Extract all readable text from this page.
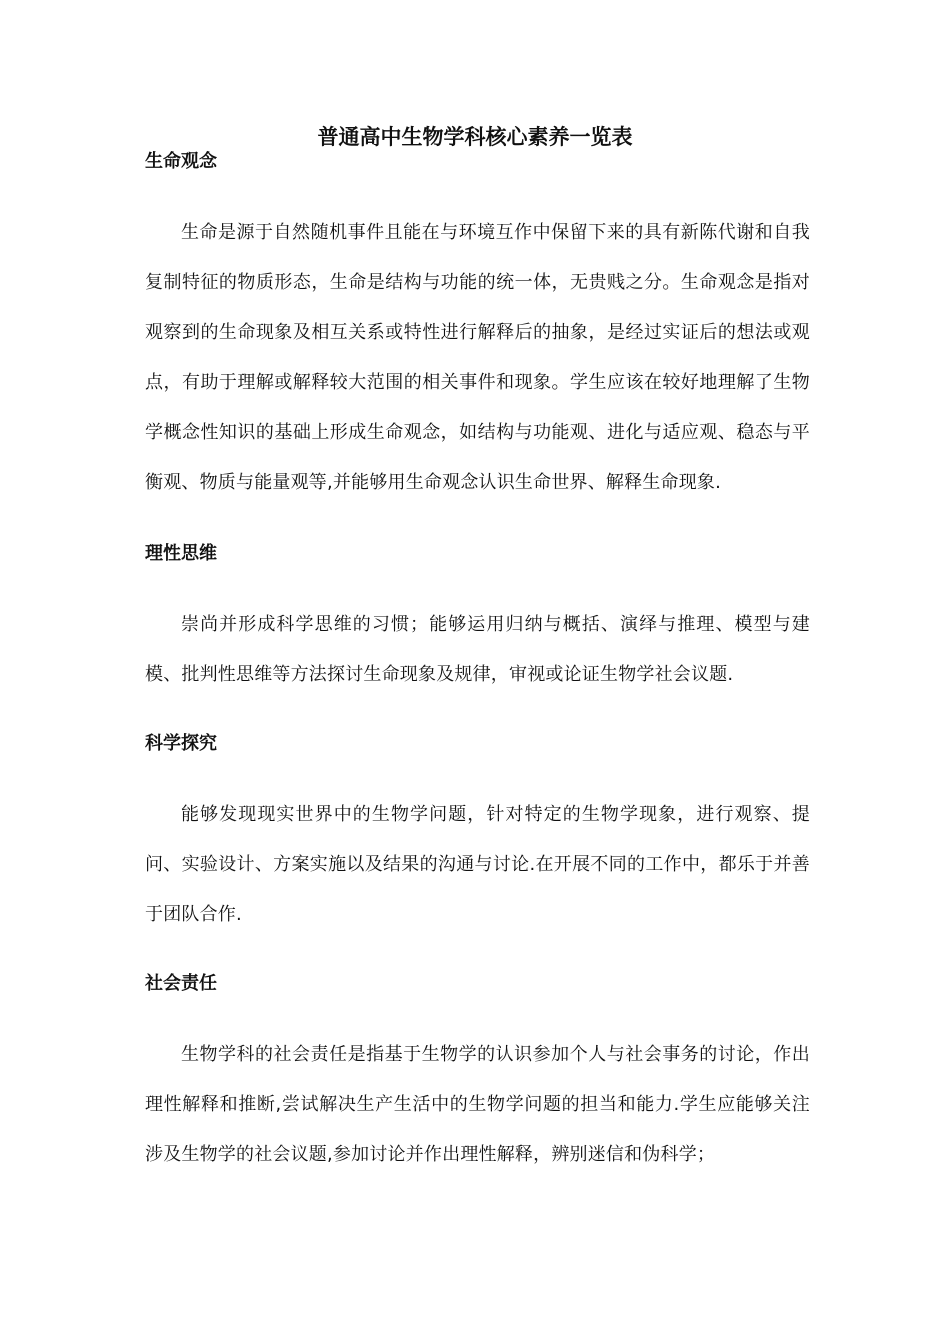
普通高中生物学科核心素养一览表
生命观念

生命是源于自然随机事件且能在与环境互作中保留下来的具有新陈代谢和自我复制特征的物质形态，生命是结构与功能的统一体，无贵贱之分。生命观念是指对观察到的生命现象及相互关系或特性进行解释后的抽象，是经过实证后的想法或观点，有助于理解或解释较大范围的相关事件和现象。学生应该在较好地理解了生物学概念性知识的基础上形成生命观念，如结构与功能观、进化与适应观、稳态与平衡观、物质与能量观等,并能够用生命观念认识生命世界、解释生命现象.

理性思维

崇尚并形成科学思维的习惯；能够运用归纳与概括、演绎与推理、模型与建模、批判性思维等方法探讨生命现象及规律，审视或论证生物学社会议题.

科学探究

能够发现现实世界中的生物学问题，针对特定的生物学现象，进行观察、提问、实验设计、方案实施以及结果的沟通与讨论.在开展不同的工作中，都乐于并善于团队合作.

社会责任

生物学科的社会责任是指基于生物学的认识参加个人与社会事务的讨论，作出理性解释和推断,尝试解决生产生活中的生物学问题的担当和能力.学生应能够关注涉及生物学的社会议题,参加讨论并作出理性解释，辨别迷信和伪科学；
